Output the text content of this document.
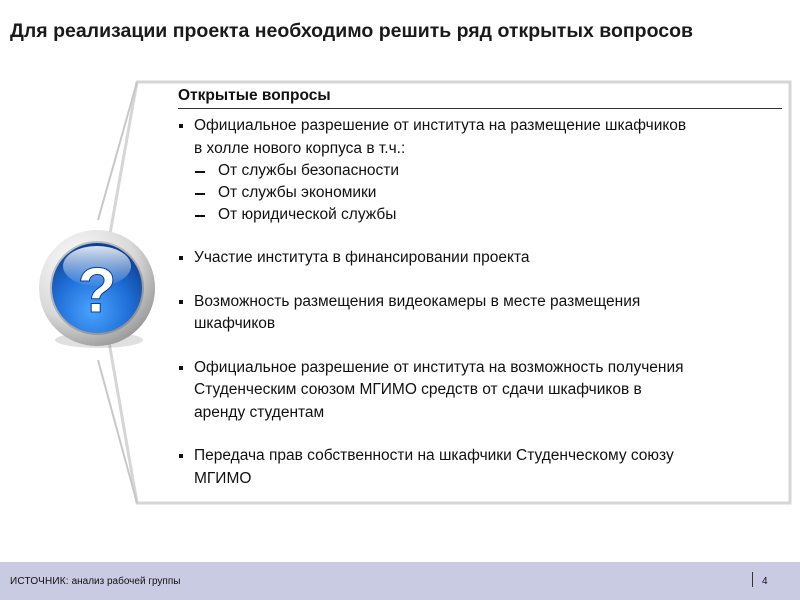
Для реализации проекта необходимо решить ряд открытых вопросов
?
Открытые вопросы
Официальное разрешение от института на размещение шкафчиков
в холле нового корпуса в т.ч.:
От службы безопасности
От службы экономики
От юридической службы
Участие института в финансировании проекта
Возможность размещения видеокамеры в месте размещения
шкафчиков
Официальное разрешение от института на возможность получения
Студенческим союзом МГИМО средств от сдачи шкафчиков в
аренду студентам
Передача прав собственности на шкафчики Студенческому союзу
МГИМО
ИСТОЧНИК: анализ рабочей группы	4
